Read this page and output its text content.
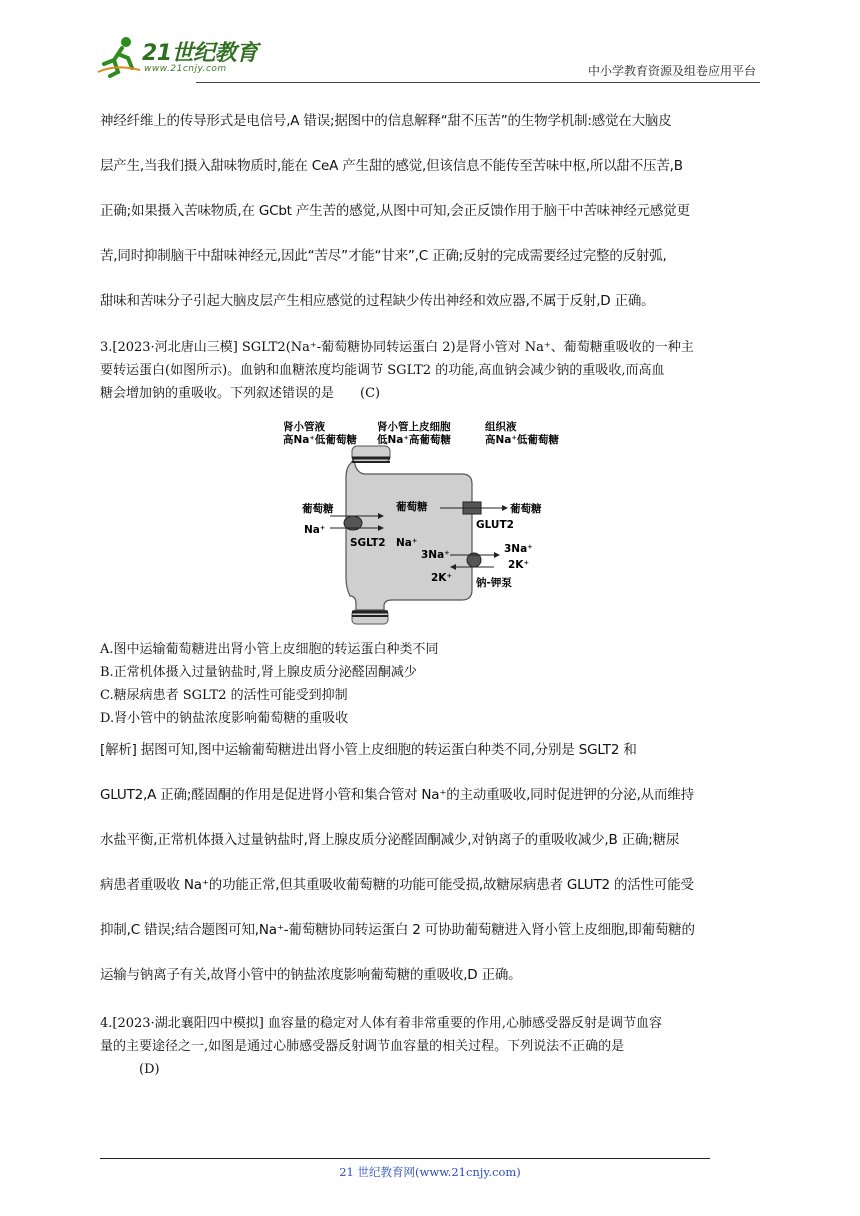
21世纪教育
www.21cnjy.com	中小学教育资源及组卷应用平台
神经纤维上的传导形式是电信号,A 错误;据图中的信息解释“甜不压苦”的生物学机制:感觉在大脑皮
层产生,当我们摄入甜味物质时,能在 CeA 产生甜的感觉,但该信息不能传至苦味中枢,所以甜不压苦,B
正确;如果摄入苦味物质,在 GCbt 产生苦的感觉,从图中可知,会正反馈作用于脑干中苦味神经元感觉更
苦,同时抑制脑干中甜味神经元,因此“苦尽”才能“甘来”,C 正确;反射的完成需要经过完整的反射弧,
甜味和苦味分子引起大脑皮层产生相应感觉的过程缺少传出神经和效应器,不属于反射,D 正确。
3.[2023·河北唐山三模] SGLT2(Na⁺-葡萄糖协同转运蛋白 2)是肾小管对 Na⁺、葡萄糖重吸收的一种主
要转运蛋白(如图所示)。血钠和血糖浓度均能调节 SGLT2 的功能,高血钠会减少钠的重吸收,而高血
糖会增加钠的重吸收。下列叙述错误的是　　(C)
肾小管液
高Na⁺低葡萄糖
肾小管上皮细胞
低Na⁺高葡萄糖
组织液
高Na⁺低葡萄糖
葡萄糖
Na⁺
SGLT2 Na⁺
葡萄糖	葡萄糖
GLUT2
3Na⁺
2K⁺
3Na⁺
2K⁺
钠-钾泵
A.图中运输葡萄糖进出肾小管上皮细胞的转运蛋白种类不同
B.正常机体摄入过量钠盐时,肾上腺皮质分泌醛固酮减少
C.糖尿病患者 SGLT2 的活性可能受到抑制
D.肾小管中的钠盐浓度影响葡萄糖的重吸收
[解析] 据图可知,图中运输葡萄糖进出肾小管上皮细胞的转运蛋白种类不同,分别是 SGLT2 和
GLUT2,A 正确;醛固酮的作用是促进肾小管和集合管对 Na⁺的主动重吸收,同时促进钾的分泌,从而维持
水盐平衡,正常机体摄入过量钠盐时,肾上腺皮质分泌醛固酮减少,对钠离子的重吸收减少,B 正确;糖尿
病患者重吸收 Na⁺的功能正常,但其重吸收葡萄糖的功能可能受损,故糖尿病患者 GLUT2 的活性可能受
抑制,C 错误;结合题图可知,Na⁺-葡萄糖协同转运蛋白 2 可协助葡萄糖进入肾小管上皮细胞,即葡萄糖的
运输与钠离子有关,故肾小管中的钠盐浓度影响葡萄糖的重吸收,D 正确。
4.[2023·湖北襄阳四中模拟] 血容量的稳定对人体有着非常重要的作用,心肺感受器反射是调节血容
量的主要途径之一,如图是通过心肺感受器反射调节血容量的相关过程。下列说法不正确的是
　　　(D)
21 世纪教育网(www.21cnjy.com)
